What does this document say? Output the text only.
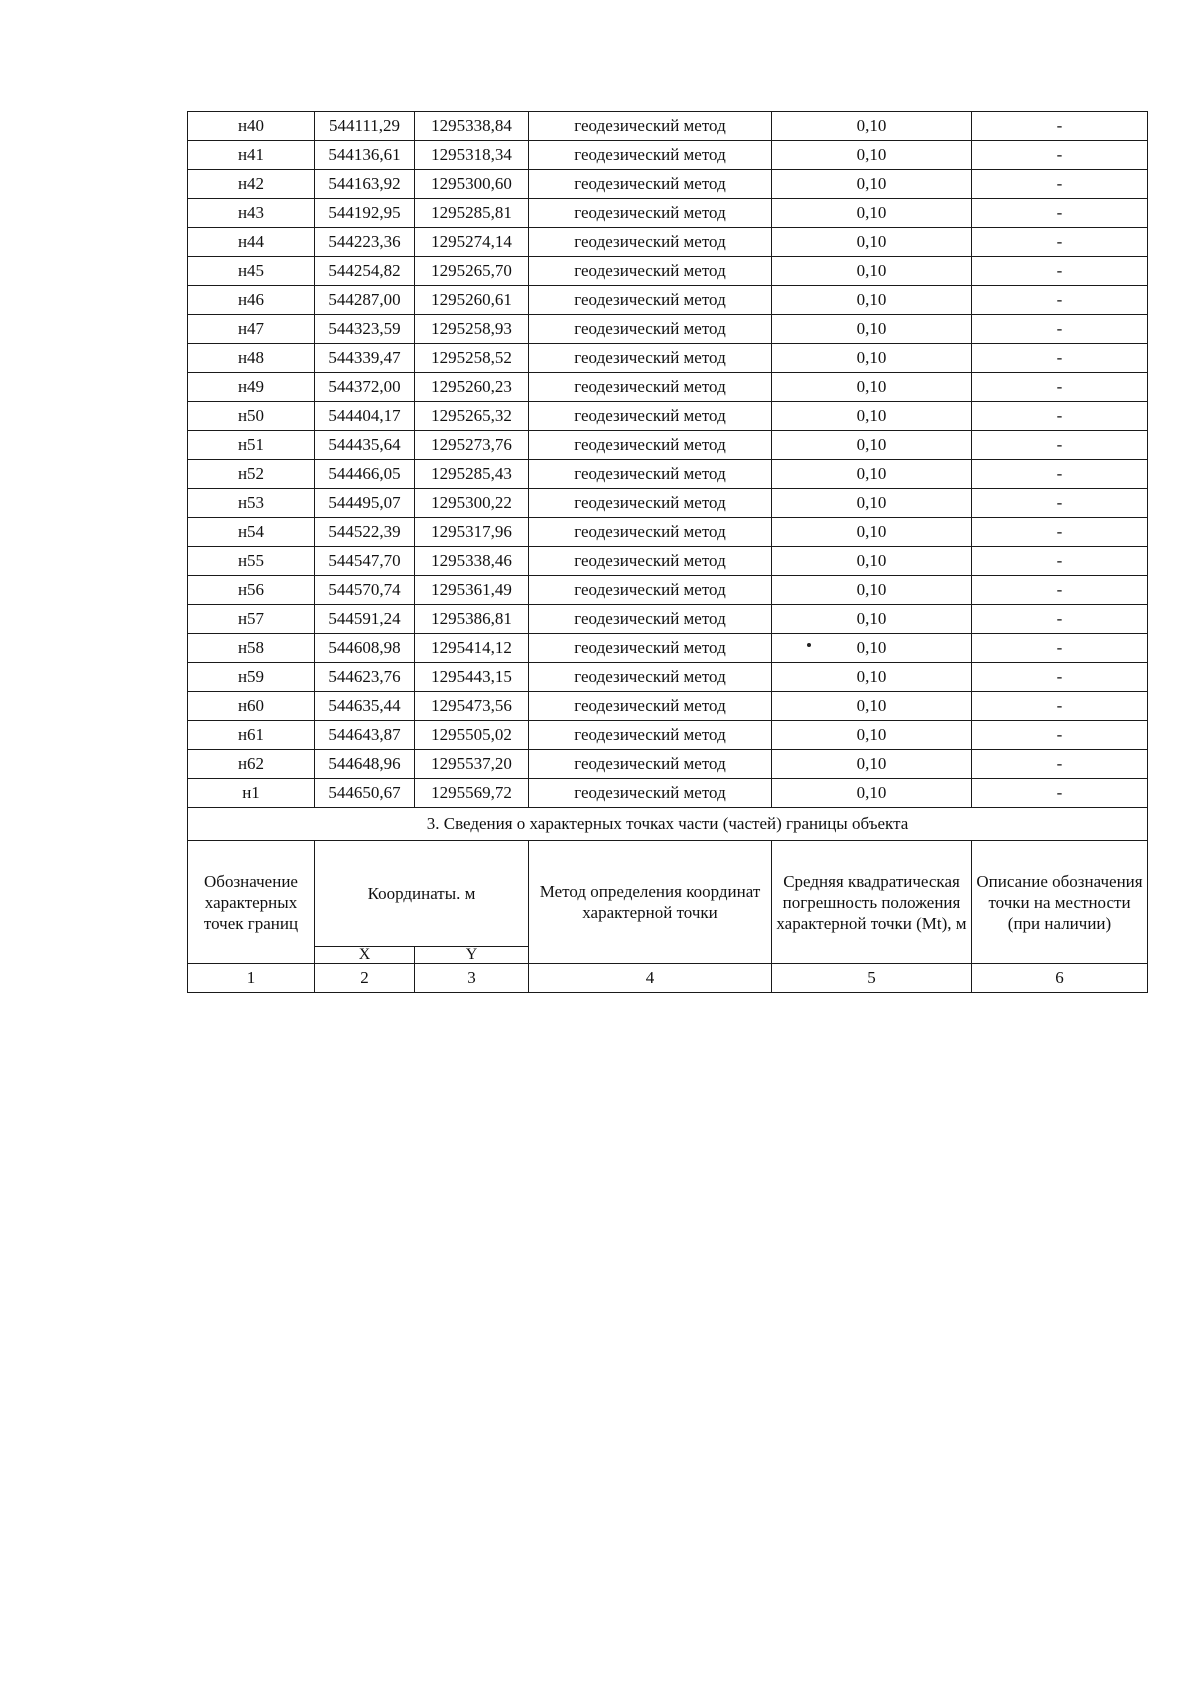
н40	544111,29	1295338,84	геодезический метод	0,10	-
н41	544136,61	1295318,34	геодезический метод	0,10	-
н42	544163,92	1295300,60	геодезический метод	0,10	-
н43	544192,95	1295285,81	геодезический метод	0,10	-
н44	544223,36	1295274,14	геодезический метод	0,10	-
н45	544254,82	1295265,70	геодезический метод	0,10	-
н46	544287,00	1295260,61	геодезический метод	0,10	-
н47	544323,59	1295258,93	геодезический метод	0,10	-
н48	544339,47	1295258,52	геодезический метод	0,10	-
н49	544372,00	1295260,23	геодезический метод	0,10	-
н50	544404,17	1295265,32	геодезический метод	0,10	-
н51	544435,64	1295273,76	геодезический метод	0,10	-
н52	544466,05	1295285,43	геодезический метод	0,10	-
н53	544495,07	1295300,22	геодезический метод	0,10	-
н54	544522,39	1295317,96	геодезический метод	0,10	-
н55	544547,70	1295338,46	геодезический метод	0,10	-
н56	544570,74	1295361,49	геодезический метод	0,10	-
н57	544591,24	1295386,81	геодезический метод	0,10	-
н58	544608,98	1295414,12	геодезический метод	0,10	-
н59	544623,76	1295443,15	геодезический метод	0,10	-
н60	544635,44	1295473,56	геодезический метод	0,10	-
н61	544643,87	1295505,02	геодезический метод	0,10	-
н62	544648,96	1295537,20	геодезический метод	0,10	-
н1	544650,67	1295569,72	геодезический метод	0,10	-
3. Сведения о характерных точках части (частей) границы объекта					
Обозначение характерных точек границ	Координаты. м		Метод определения координат характерной точки	Средняя квадратическая погрешность положения характерной точки (Mt), м	Описание обозначения точки на местности (при наличии)
	X	Y			
1	2	3	4	5	6
